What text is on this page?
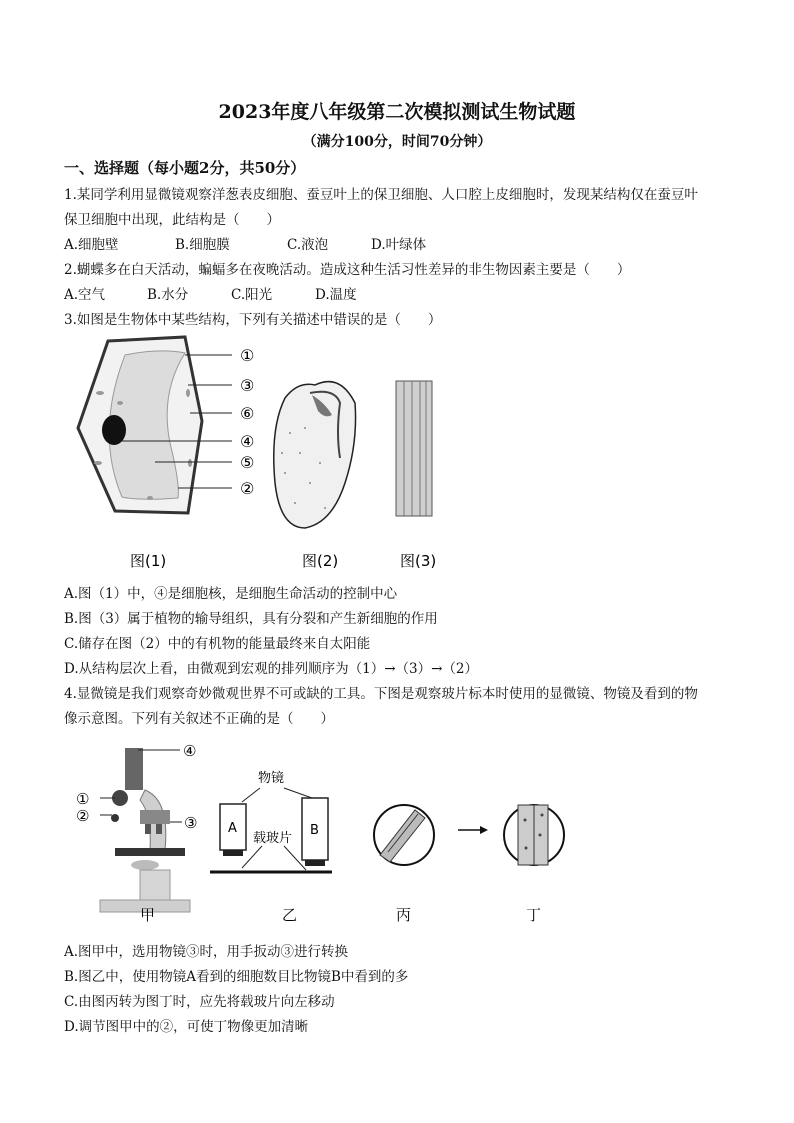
2023年度八年级第二次模拟测试生物试题
（满分100分，时间70分钟）
一、选择题（每小题2分，共50分）
1.某同学利用显微镜观察洋葱表皮细胞、蚕豆叶上的保卫细胞、人口腔上皮细胞时，发现某结构仅在蚕豆叶
保卫细胞中出现，此结构是（　　）
A.细胞壁	B.细胞膜	C.液泡	D.叶绿体
2.蝴蝶多在白天活动，蝙蝠多在夜晚活动。造成这种生活习性差异的非生物因素主要是（　　）
A.空气	B.水分	C.阳光	D.温度
3.如图是生物体中某些结构，下列有关描述中错误的是（　　）
①
③
⑥
④
⑤
②
图(1)	图(2)	图(3)
A.图（1）中，④是细胞核，是细胞生命活动的控制中心
B.图（3）属于植物的输导组织，具有分裂和产生新细胞的作用
C.储存在图（2）中的有机物的能量最终来自太阳能
D.从结构层次上看，由微观到宏观的排列顺序为（1）→（3）→（2）
4.显微镜是我们观察奇妙微观世界不可或缺的工具。下图是观察玻片标本时使用的显微镜、物镜及看到的物
像示意图。下列有关叙述不正确的是（　　）
④
①
②	③
甲
物镜
A	B
载玻片
乙	丙	丁
A.图甲中，选用物镜③时，用手扳动③进行转换
B.图乙中，使用物镜A看到的细胞数目比物镜B中看到的多
C.由图丙转为图丁时，应先将载玻片向左移动
D.调节图甲中的②，可使丁物像更加清晰
